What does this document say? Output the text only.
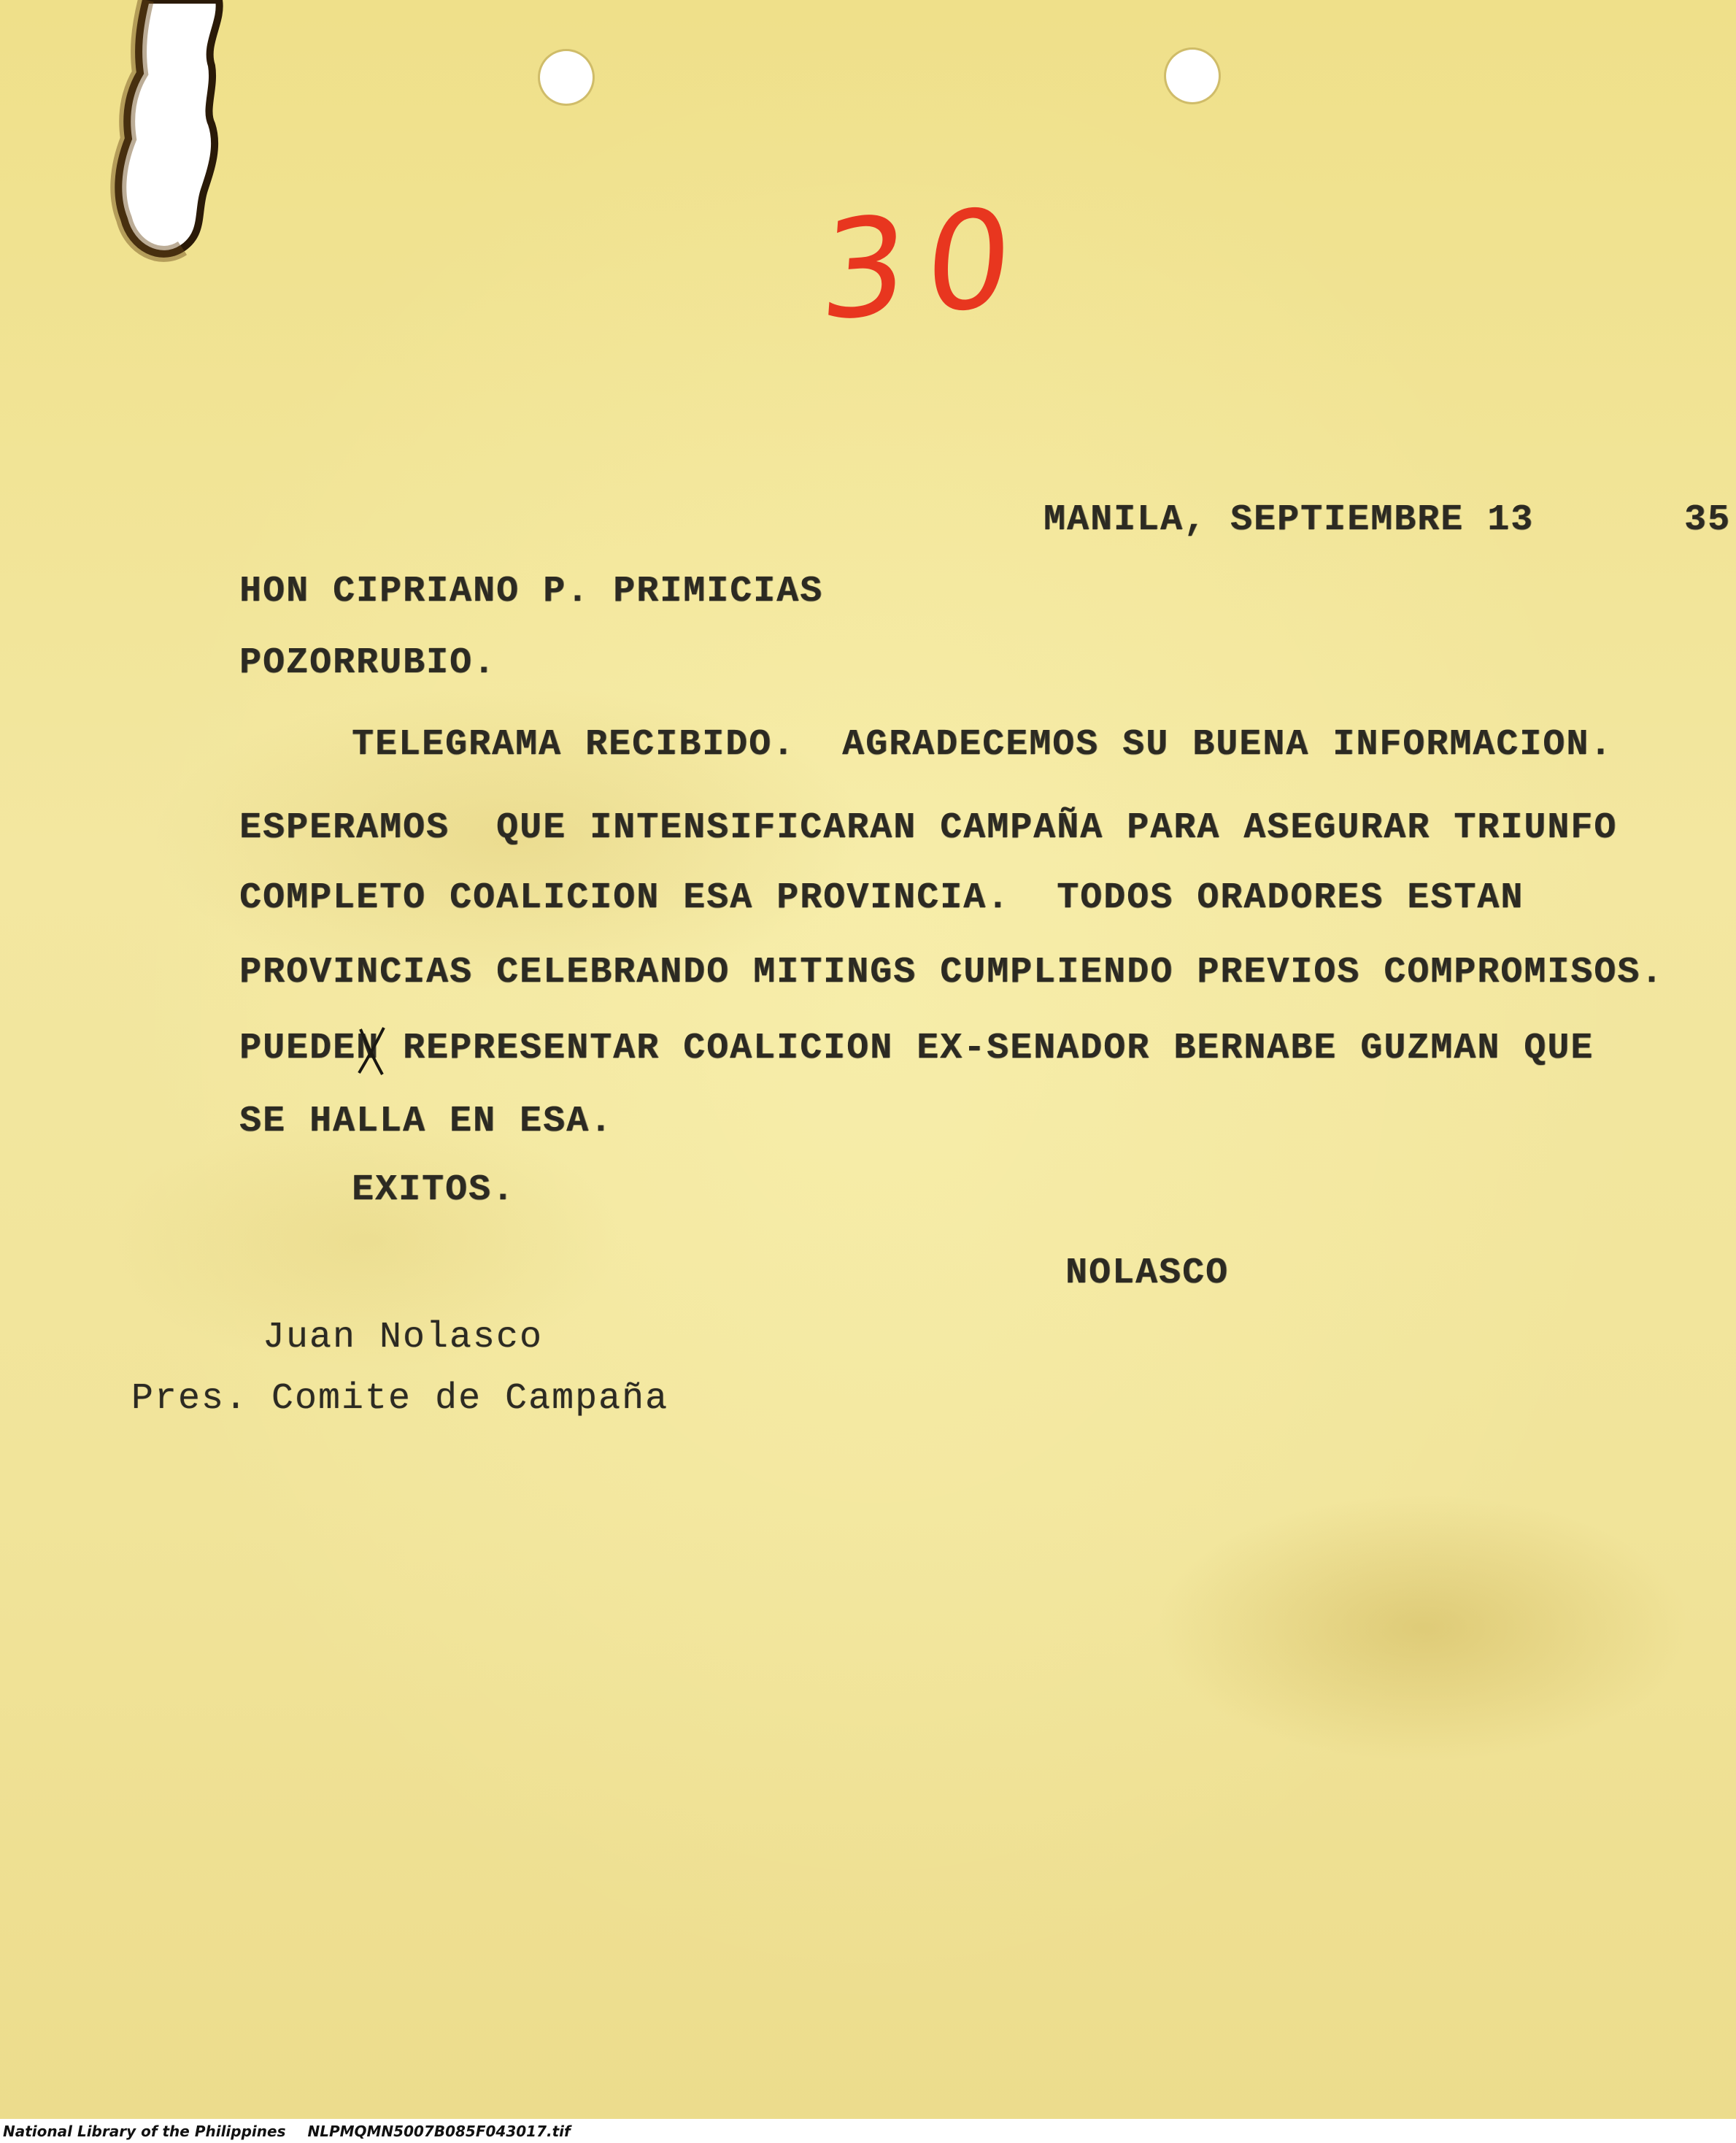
30
MANILA, SEPTIEMBRE 13	35
HON CIPRIANO P. PRIMICIAS
POZORRUBIO.
TELEGRAMA RECIBIDO.  AGRADECEMOS SU BUENA INFORMACION.
ESPERAMOS  QUE INTENSIFICARAN CAMPAÑA PARA ASEGURAR TRIUNFO
COMPLETO COALICION ESA PROVINCIA.  TODOS ORADORES ESTAN
PROVINCIAS CELEBRANDO MITINGS CUMPLIENDO PREVIOS COMPROMISOS.
PUEDEN REPRESENTAR COALICION EX-SENADOR BERNABE GUZMAN QUE
SE HALLA EN ESA.
EXITOS.
NOLASCO
Juan Nolasco
Pres. Comite de Campaña
National Library of the Philippines NLPMQMN5007B085F043017.tif
